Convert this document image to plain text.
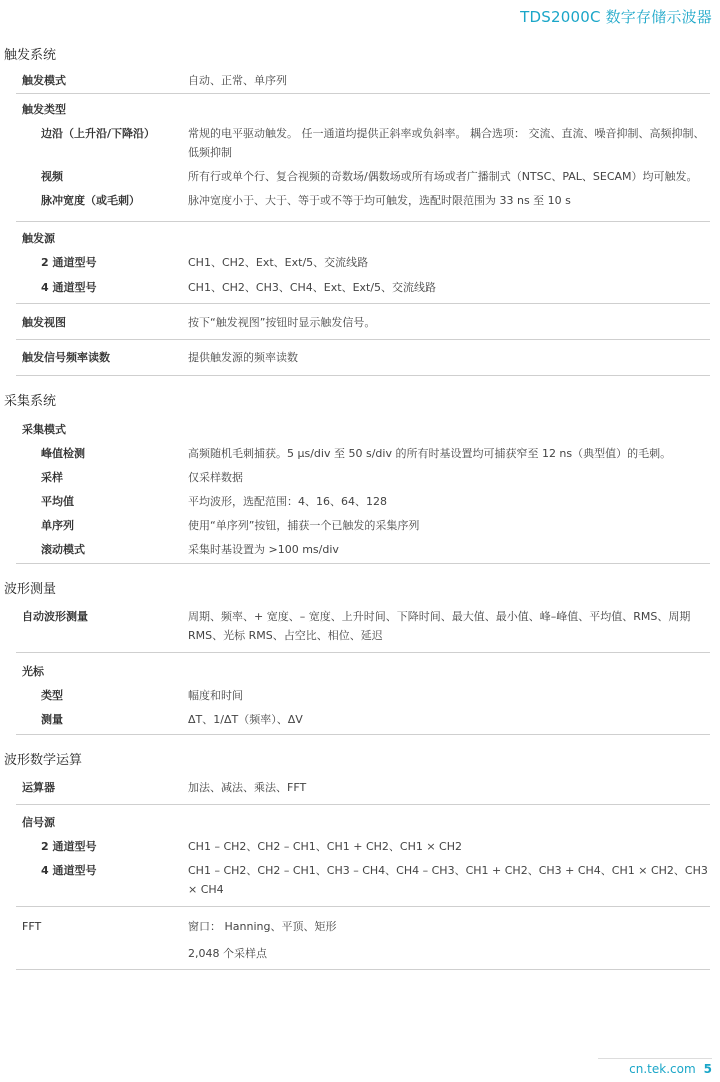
TDS2000C 数字存储示波器
触发系统
触发模式	自动、正常、单序列
触发类型
边沿（上升沿/下降沿）	常规的电平驱动触发。 任一通道均提供正斜率或负斜率。 耦合选项： 交流、直流、噪音抑制、高频抑制、低频抑制
视频	所有行或单个行、复合视频的奇数场/偶数场或所有场或者广播制式（NTSC、PAL、SECAM）均可触发。
脉冲宽度（或毛刺）	脉冲宽度小于、大于、等于或不等于均可触发，选配时限范围为 33 ns 至 10 s
触发源
2 通道型号	CH1、CH2、Ext、Ext/5、交流线路
4 通道型号	CH1、CH2、CH3、CH4、Ext、Ext/5、交流线路
触发视图	按下“触发视图”按钮时显示触发信号。
触发信号频率读数	提供触发源的频率读数
采集系统
采集模式
峰值检测	高频随机毛刺捕获。5 µs/div 至 50 s/div 的所有时基设置均可捕获窄至 12 ns（典型值）的毛刺。
采样	仅采样数据
平均值	平均波形，选配范围：4、16、64、128
单序列	使用“单序列”按钮，捕获一个已触发的采集序列
滚动模式	采集时基设置为 >100 ms/div
波形测量
自动波形测量	周期、频率、+ 宽度、– 宽度、上升时间、下降时间、最大值、最小值、峰–峰值、平均值、RMS、周期 RMS、光标 RMS、占空比、相位、延迟
光标
类型	幅度和时间
测量	ΔT、1/ΔT（频率）、ΔV
波形数学运算
运算器	加法、减法、乘法、FFT
信号源
2 通道型号	CH1 – CH2、CH2 – CH1、CH1 + CH2、CH1 × CH2
4 通道型号	CH1 – CH2、CH2 – CH1、CH3 – CH4、CH4 – CH3、CH1 + CH2、CH3 + CH4、CH1 × CH2、CH3 × CH4
FFT	窗口： Hanning、平顶、矩形
2,048 个采样点
cn.tek.com 5
